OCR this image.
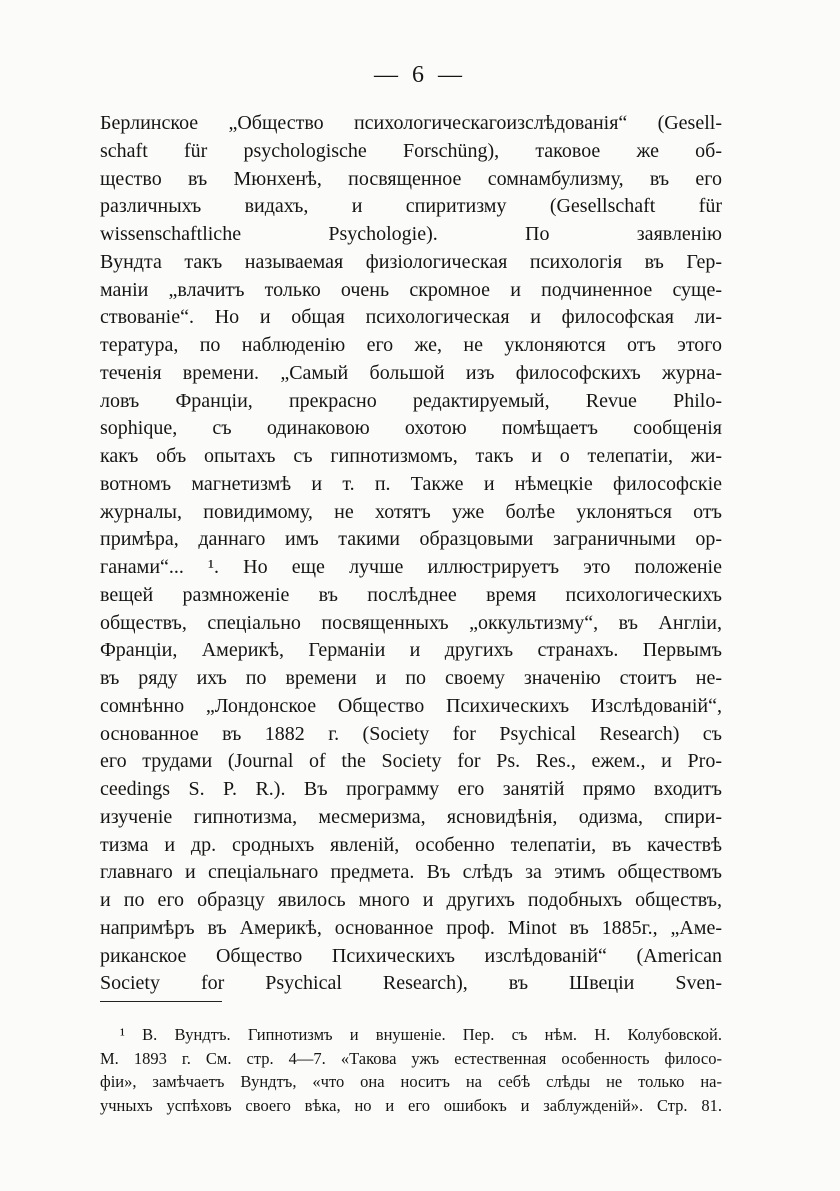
— 6 —
Берлинское „Общество психологическагоизслѣдованія“ (Gesell-
schaft für psychologische Forschüng), таковое же об-
щество въ Мюнхенѣ, посвященное сомнамбулизму, въ его
различныхъ видахъ, и спиритизму (Gesellschaft für
wissenschaftliche Psychologie). По заявленію
Вундта такъ называемая физiологическая психологія въ Гер-
маніи „влачитъ только очень скромное и подчиненное суще-
ствованіе“. Но и общая психологическая и философская ли-
тература, по наблюденію его же, не уклоняются отъ этого
теченія времени. „Самый большой изъ философскихъ журна-
ловъ Франціи, прекрасно редактируемый, Revue Philo-
sophique, съ одинаковою охотою помѣщаетъ сообщенія
какъ объ опытахъ съ гипнотизмомъ, такъ и о телепатіи, жи-
вотномъ магнетизмѣ и т. п. Также и нѣмецкіе философскіе
журналы, повидимому, не хотятъ уже болѣе уклоняться отъ
примѣра, даннаго имъ такими образцовыми заграничными ор-
ганами“... ¹. Но еще лучше иллюстрируетъ это положеніе
вещей размноженіе въ послѣднее время психологическихъ
обществъ, спеціально посвященныхъ „оккультизму“, въ Англіи,
Франціи, Америкѣ, Германіи и другихъ странахъ. Первымъ
въ ряду ихъ по времени и по своему значенію стоитъ не-
сомнѣнно „Лондонское Общество Психическихъ Изслѣдованій“,
основанное въ 1882 г. (Society for Psychical Research) съ
его трудами (Journal of the Society for Ps. Res., ежем., и Pro-
ceedings S. P. R.). Въ программу его занятій прямо входитъ
изученіе гипнотизма, месмеризма, ясновидѣнія, одизма, спири-
тизма и др. сродныхъ явленій, особенно телепатіи, въ качествѣ
главнаго и спеціальнаго предмета. Въ слѣдъ за этимъ обществомъ
и по его образцу явилось много и другихъ подобныхъ обществъ,
напримѣръ въ Америкѣ, основанное проф. Minot въ 1885г., „Аме-
риканское Общество Психическихъ изслѣдованій“ (American
Society for Psychical Research), въ Швеціи Sven-
¹ В. Вундтъ. Гипнотизмъ и внушеніе. Пер. съ нѣм. Н. Колубовской.
М. 1893 г. См. стр. 4—7. «Такова ужъ естественная особенность филосо-
фіи», замѣчаетъ Вундтъ, «что она носитъ на себѣ слѣды не только на-
учныхъ успѣховъ своего вѣка, но и его ошибокъ и заблужденій». Стр. 81.
